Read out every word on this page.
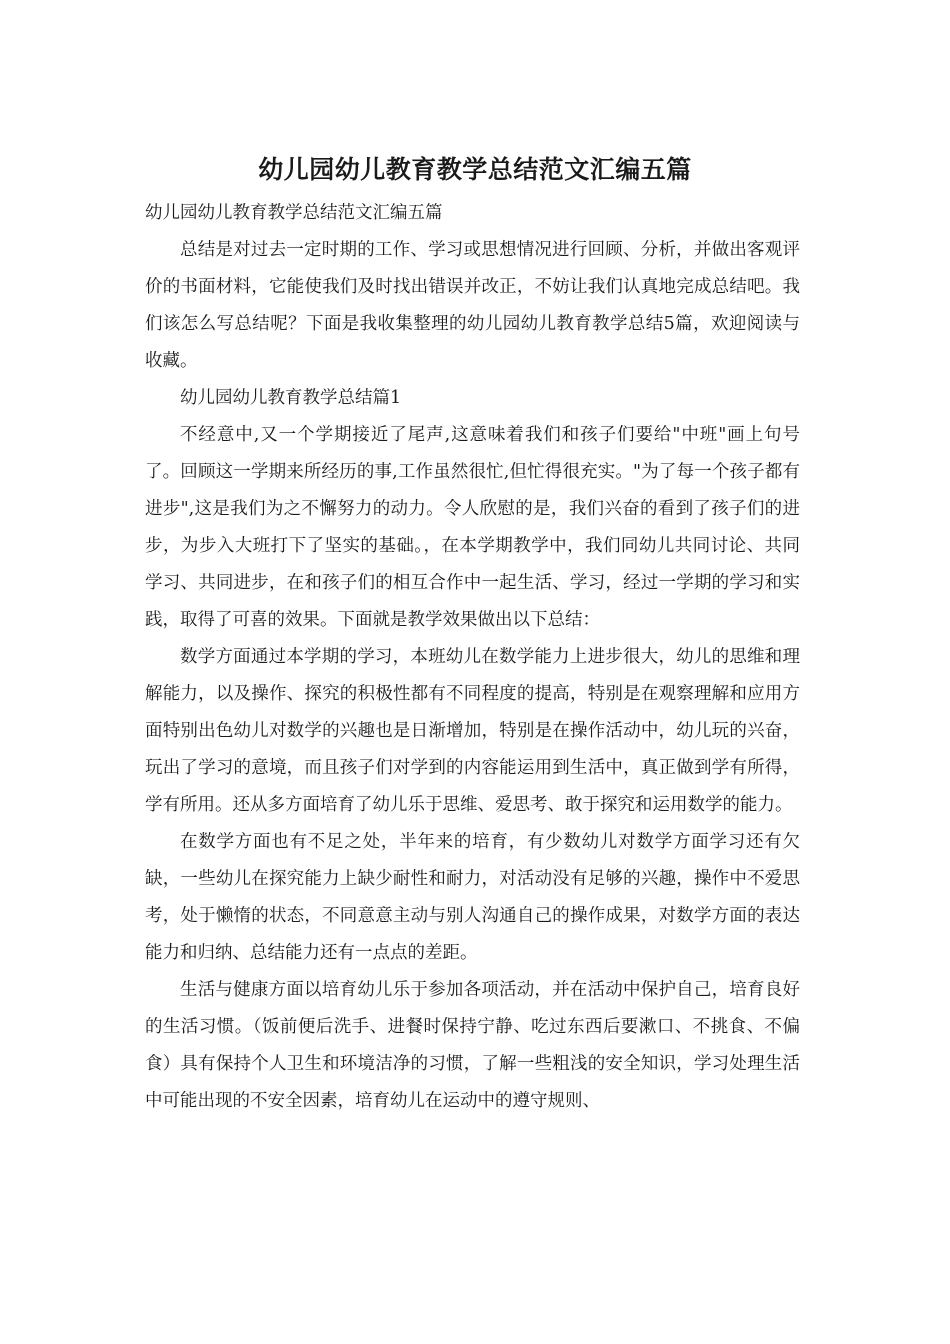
幼儿园幼儿教育教学总结范文汇编五篇

幼儿园幼儿教育教学总结范文汇编五篇

总结是对过去一定时期的工作、学习或思想情况进行回顾、分析，并做出客观评价的书面材料，它能使我们及时找出错误并改正，不妨让我们认真地完成总结吧。我们该怎么写总结呢？下面是我收集整理的幼儿园幼儿教育教学总结5篇，欢迎阅读与收藏。

幼儿园幼儿教育教学总结篇1

不经意中,又一个学期接近了尾声,这意味着我们和孩子们要给"中班"画上句号了。回顾这一学期来所经历的事,工作虽然很忙,但忙得很充实。"为了每一个孩子都有进步",这是我们为之不懈努力的动力。令人欣慰的是，我们兴奋的看到了孩子们的进步，为步入大班打下了坚实的基础。，在本学期教学中，我们同幼儿共同讨论、共同学习、共同进步，在和孩子们的相互合作中一起生活、学习，经过一学期的学习和实践，取得了可喜的效果。下面就是教学效果做出以下总结：

数学方面通过本学期的学习，本班幼儿在数学能力上进步很大，幼儿的思维和理解能力，以及操作、探究的积极性都有不同程度的提高，特别是在观察理解和应用方面特别出色幼儿对数学的兴趣也是日渐增加，特别是在操作活动中，幼儿玩的兴奋，玩出了学习的意境，而且孩子们对学到的内容能运用到生活中，真正做到学有所得，学有所用。还从多方面培育了幼儿乐于思维、爱思考、敢于探究和运用数学的能力。

在数学方面也有不足之处，半年来的培育，有少数幼儿对数学方面学习还有欠缺，一些幼儿在探究能力上缺少耐性和耐力，对活动没有足够的兴趣，操作中不爱思考，处于懒惰的状态，不同意意主动与别人沟通自己的操作成果，对数学方面的表达能力和归纳、总结能力还有一点点的差距。

生活与健康方面以培育幼儿乐于参加各项活动，并在活动中保护自己，培育良好的生活习惯。（饭前便后洗手、进餐时保持宁静、吃过东西后要漱口、不挑食、不偏食）具有保持个人卫生和环境洁净的习惯，了解一些粗浅的安全知识，学习处理生活中可能出现的不安全因素，培育幼儿在运动中的遵守规则、
